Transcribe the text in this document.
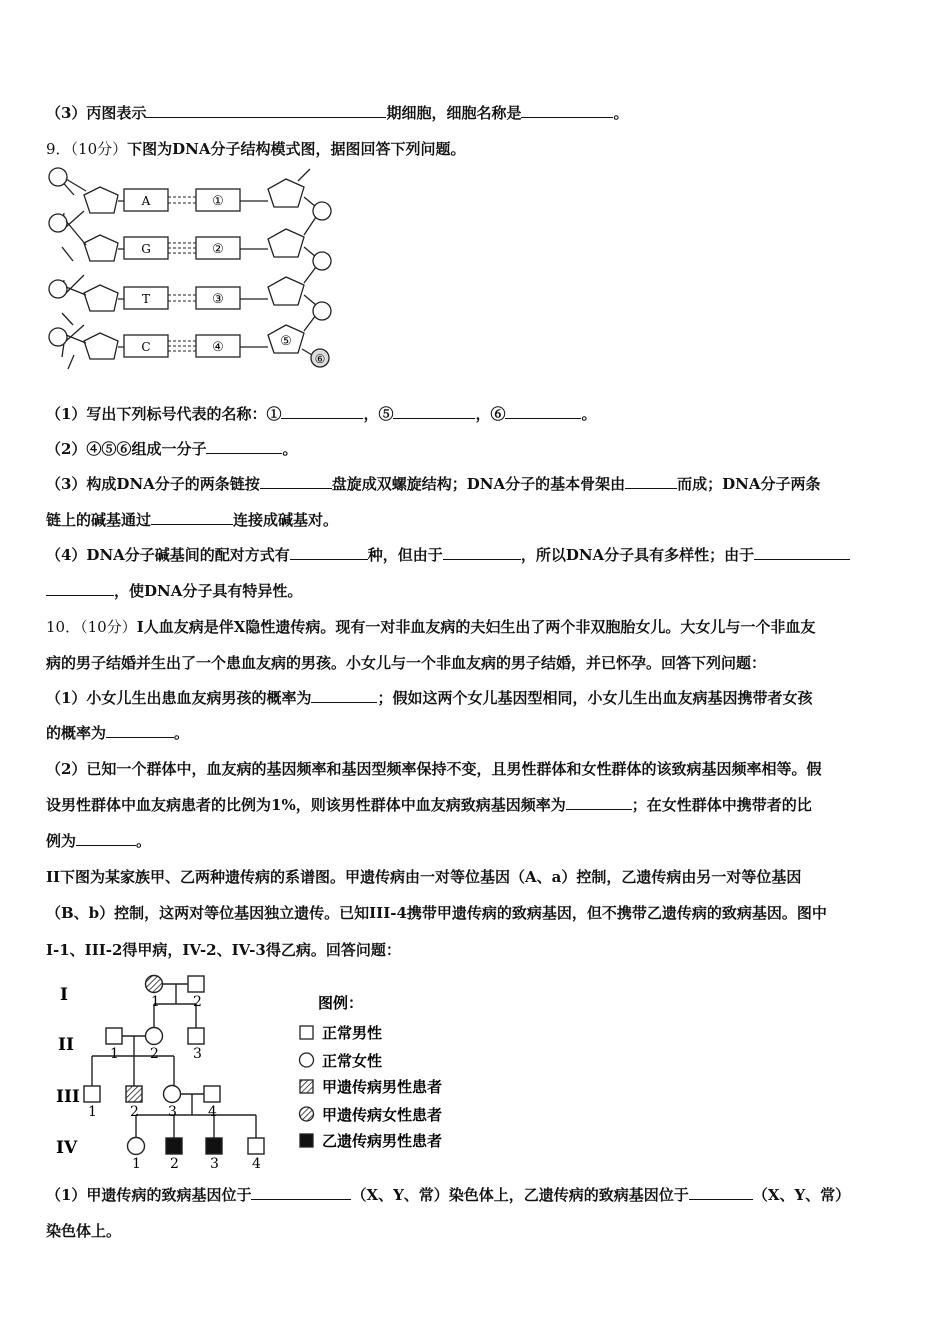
（3）丙图表示	期细胞，细胞名称是	。
9．（10分）下图为DNA分子结构模式图，据图回答下列问题。
A
G
T
C
①
②
③
④	⑤
⑥
（1）写出下列标号代表的名称：①	，⑤	，⑥	。
（2）④⑤⑥组成一分子	。
（3）构成DNA分子的两条链按	盘旋成双螺旋结构；DNA分子的基本骨架由	而成；DNA分子两条
链上的碱基通过	连接成碱基对。
（4）DNA分子碱基间的配对方式有	种，但由于	，所以DNA分子具有多样性；由于
，使DNA分子具有特异性。
10．（10分）I人血友病是伴X隐性遗传病。现有一对非血友病的夫妇生出了两个非双胞胎女儿。大女儿与一个非血友
病的男子结婚并生出了一个患血友病的男孩。小女儿与一个非血友病的男子结婚，并已怀孕。回答下列问题：
（1）小女儿生出患血友病男孩的概率为	；假如这两个女儿基因型相同，小女儿生出血友病基因携带者女孩
的概率为	。
（2）已知一个群体中，血友病的基因频率和基因型频率保持不变，且男性群体和女性群体的该致病基因频率相等。假
设男性群体中血友病患者的比例为1%，则该男性群体中血友病致病基因频率为	；在女性群体中携带者的比
例为	。
II下图为某家族甲、乙两种遗传病的系谱图。甲遗传病由一对等位基因（A、a）控制，乙遗传病由另一对等位基因
（B、b）控制，这两对等位基因独立遗传。已知III-4携带甲遗传病的致病基因，但不携带乙遗传病的致病基因。图中
I-1、III-2得甲病，IV-2、IV-3得乙病。回答问题：
I
II
III
IV
1 2
1 2 3
1 2 3 4
1 2 3 4
图例：
正常男性
正常女性
甲遗传病男性患者
甲遗传病女性患者
乙遗传病男性患者
（1）甲遗传病的致病基因位于	（X、Y、常）染色体上，乙遗传病的致病基因位于	（X、Y、常）
染色体上。
